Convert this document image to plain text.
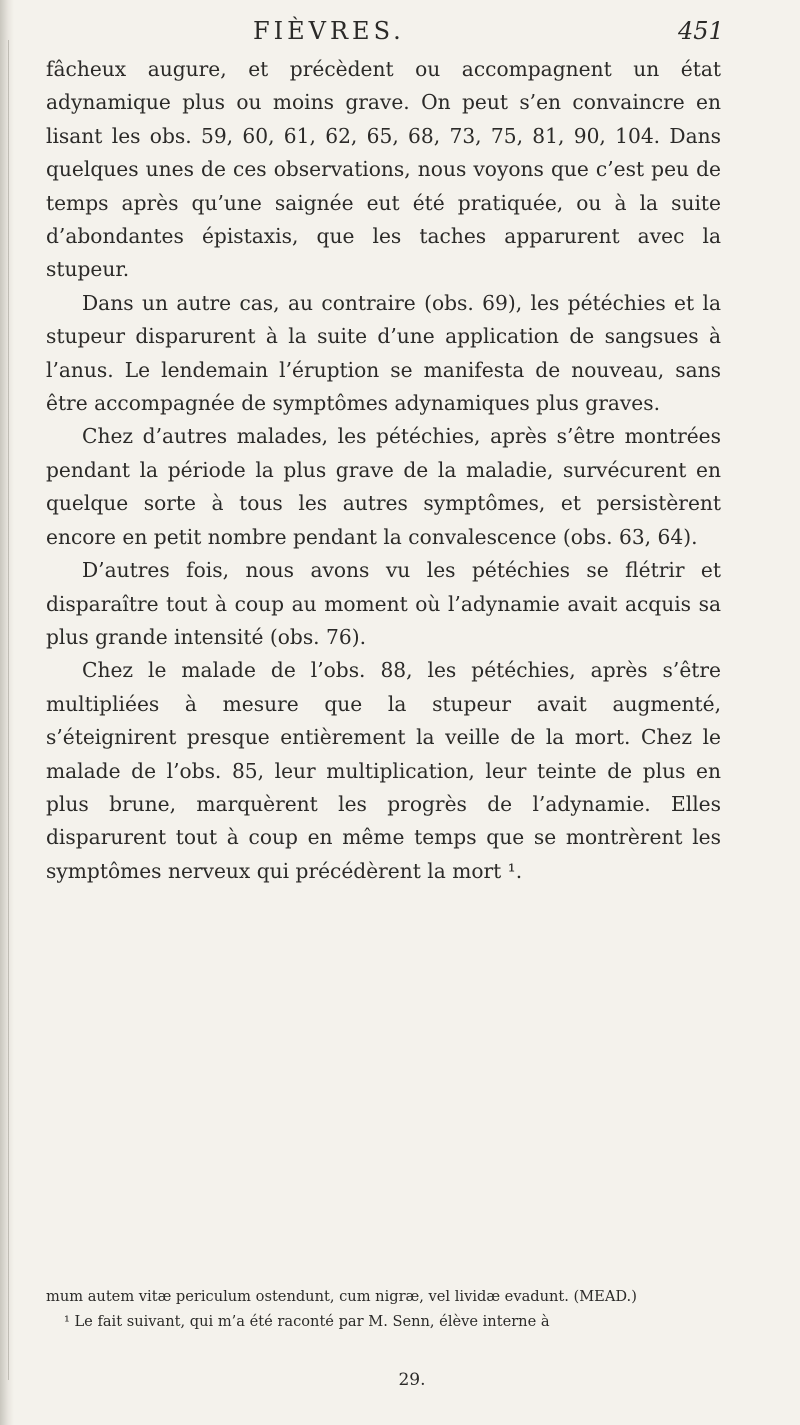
FIÈVRES.	451

fâcheux augure, et précèdent ou accompagnent un état adynamique plus ou moins grave. On peut s’en convaincre en lisant les obs. 59, 60, 61, 62, 65, 68, 73, 75, 81, 90, 104. Dans quelques unes de ces observations, nous voyons que c’est peu de temps après qu’une saignée eut été pratiquée, ou à la suite d’abondantes épistaxis, que les taches apparurent avec la stupeur.

Dans un autre cas, au contraire (obs. 69), les pétéchies et la stupeur disparurent à la suite d’une application de sangsues à l’anus. Le lendemain l’éruption se manifesta de nouveau, sans être accompagnée de symptômes adynamiques plus graves.

Chez d’autres malades, les pétéchies, après s’être montrées pendant la période la plus grave de la maladie, survécurent en quelque sorte à tous les autres symptômes, et persistèrent encore en petit nombre pendant la convalescence (obs. 63, 64).

D’autres fois, nous avons vu les pétéchies se flétrir et disparaître tout à coup au moment où l’adynamie avait acquis sa plus grande intensité (obs. 76).

Chez le malade de l’obs. 88, les pétéchies, après s’être multipliées à mesure que la stupeur avait augmenté, s’éteignirent presque entièrement la veille de la mort. Chez le malade de l’obs. 85, leur multiplication, leur teinte de plus en plus brune, marquèrent les progrès de l’adynamie. Elles disparurent tout à coup en même temps que se montrèrent les symptômes nerveux qui précédèrent la mort ¹.

mum autem vitæ periculum ostendunt, cum nigræ, vel lividæ evadunt. (MEAD.)

¹ Le fait suivant, qui m’a été raconté par M. Senn, élève interne à

29.
